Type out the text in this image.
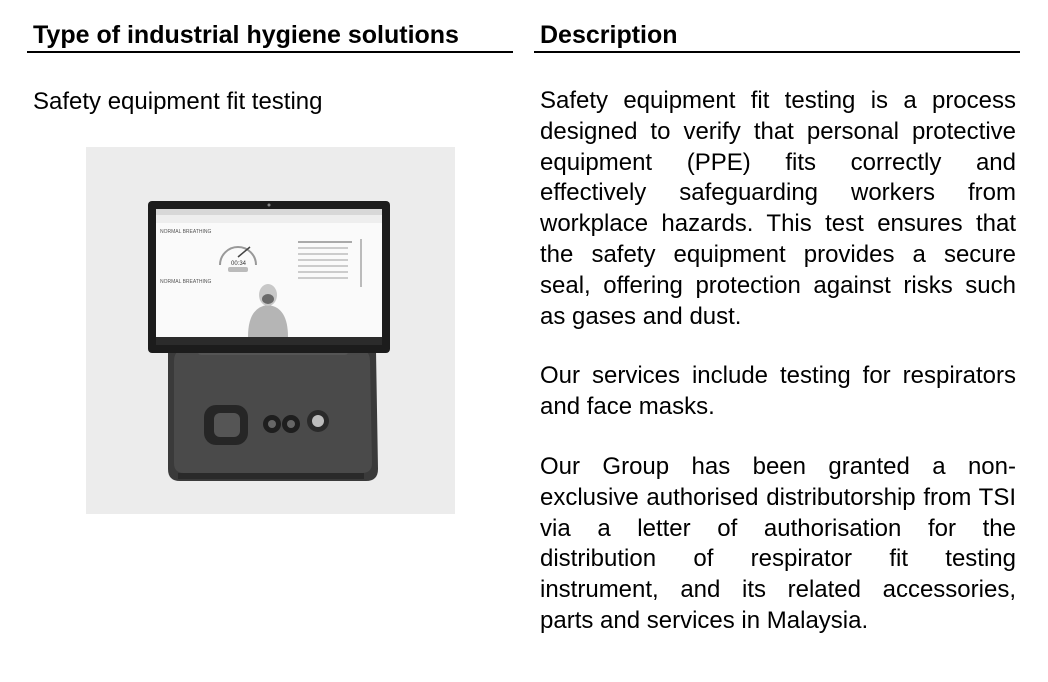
Type of industrial hygiene solutions	Description
Safety equipment fit testing
NORMAL BREATHING
00:34
NORMAL BREATHING

Safety equipment fit testing is a process designed to verify that personal protective equipment (PPE) fits correctly and effectively safeguarding workers from workplace hazards. This test ensures that the safety equipment provides a secure seal, offering protection against risks such as gases and dust.

Our services include testing for respirators and face masks.

Our Group has been granted a non-exclusive authorised distributorship from TSI via a letter of authorisation for the distribution of respirator fit testing instrument, and its related accessories, parts and services in Malaysia.
